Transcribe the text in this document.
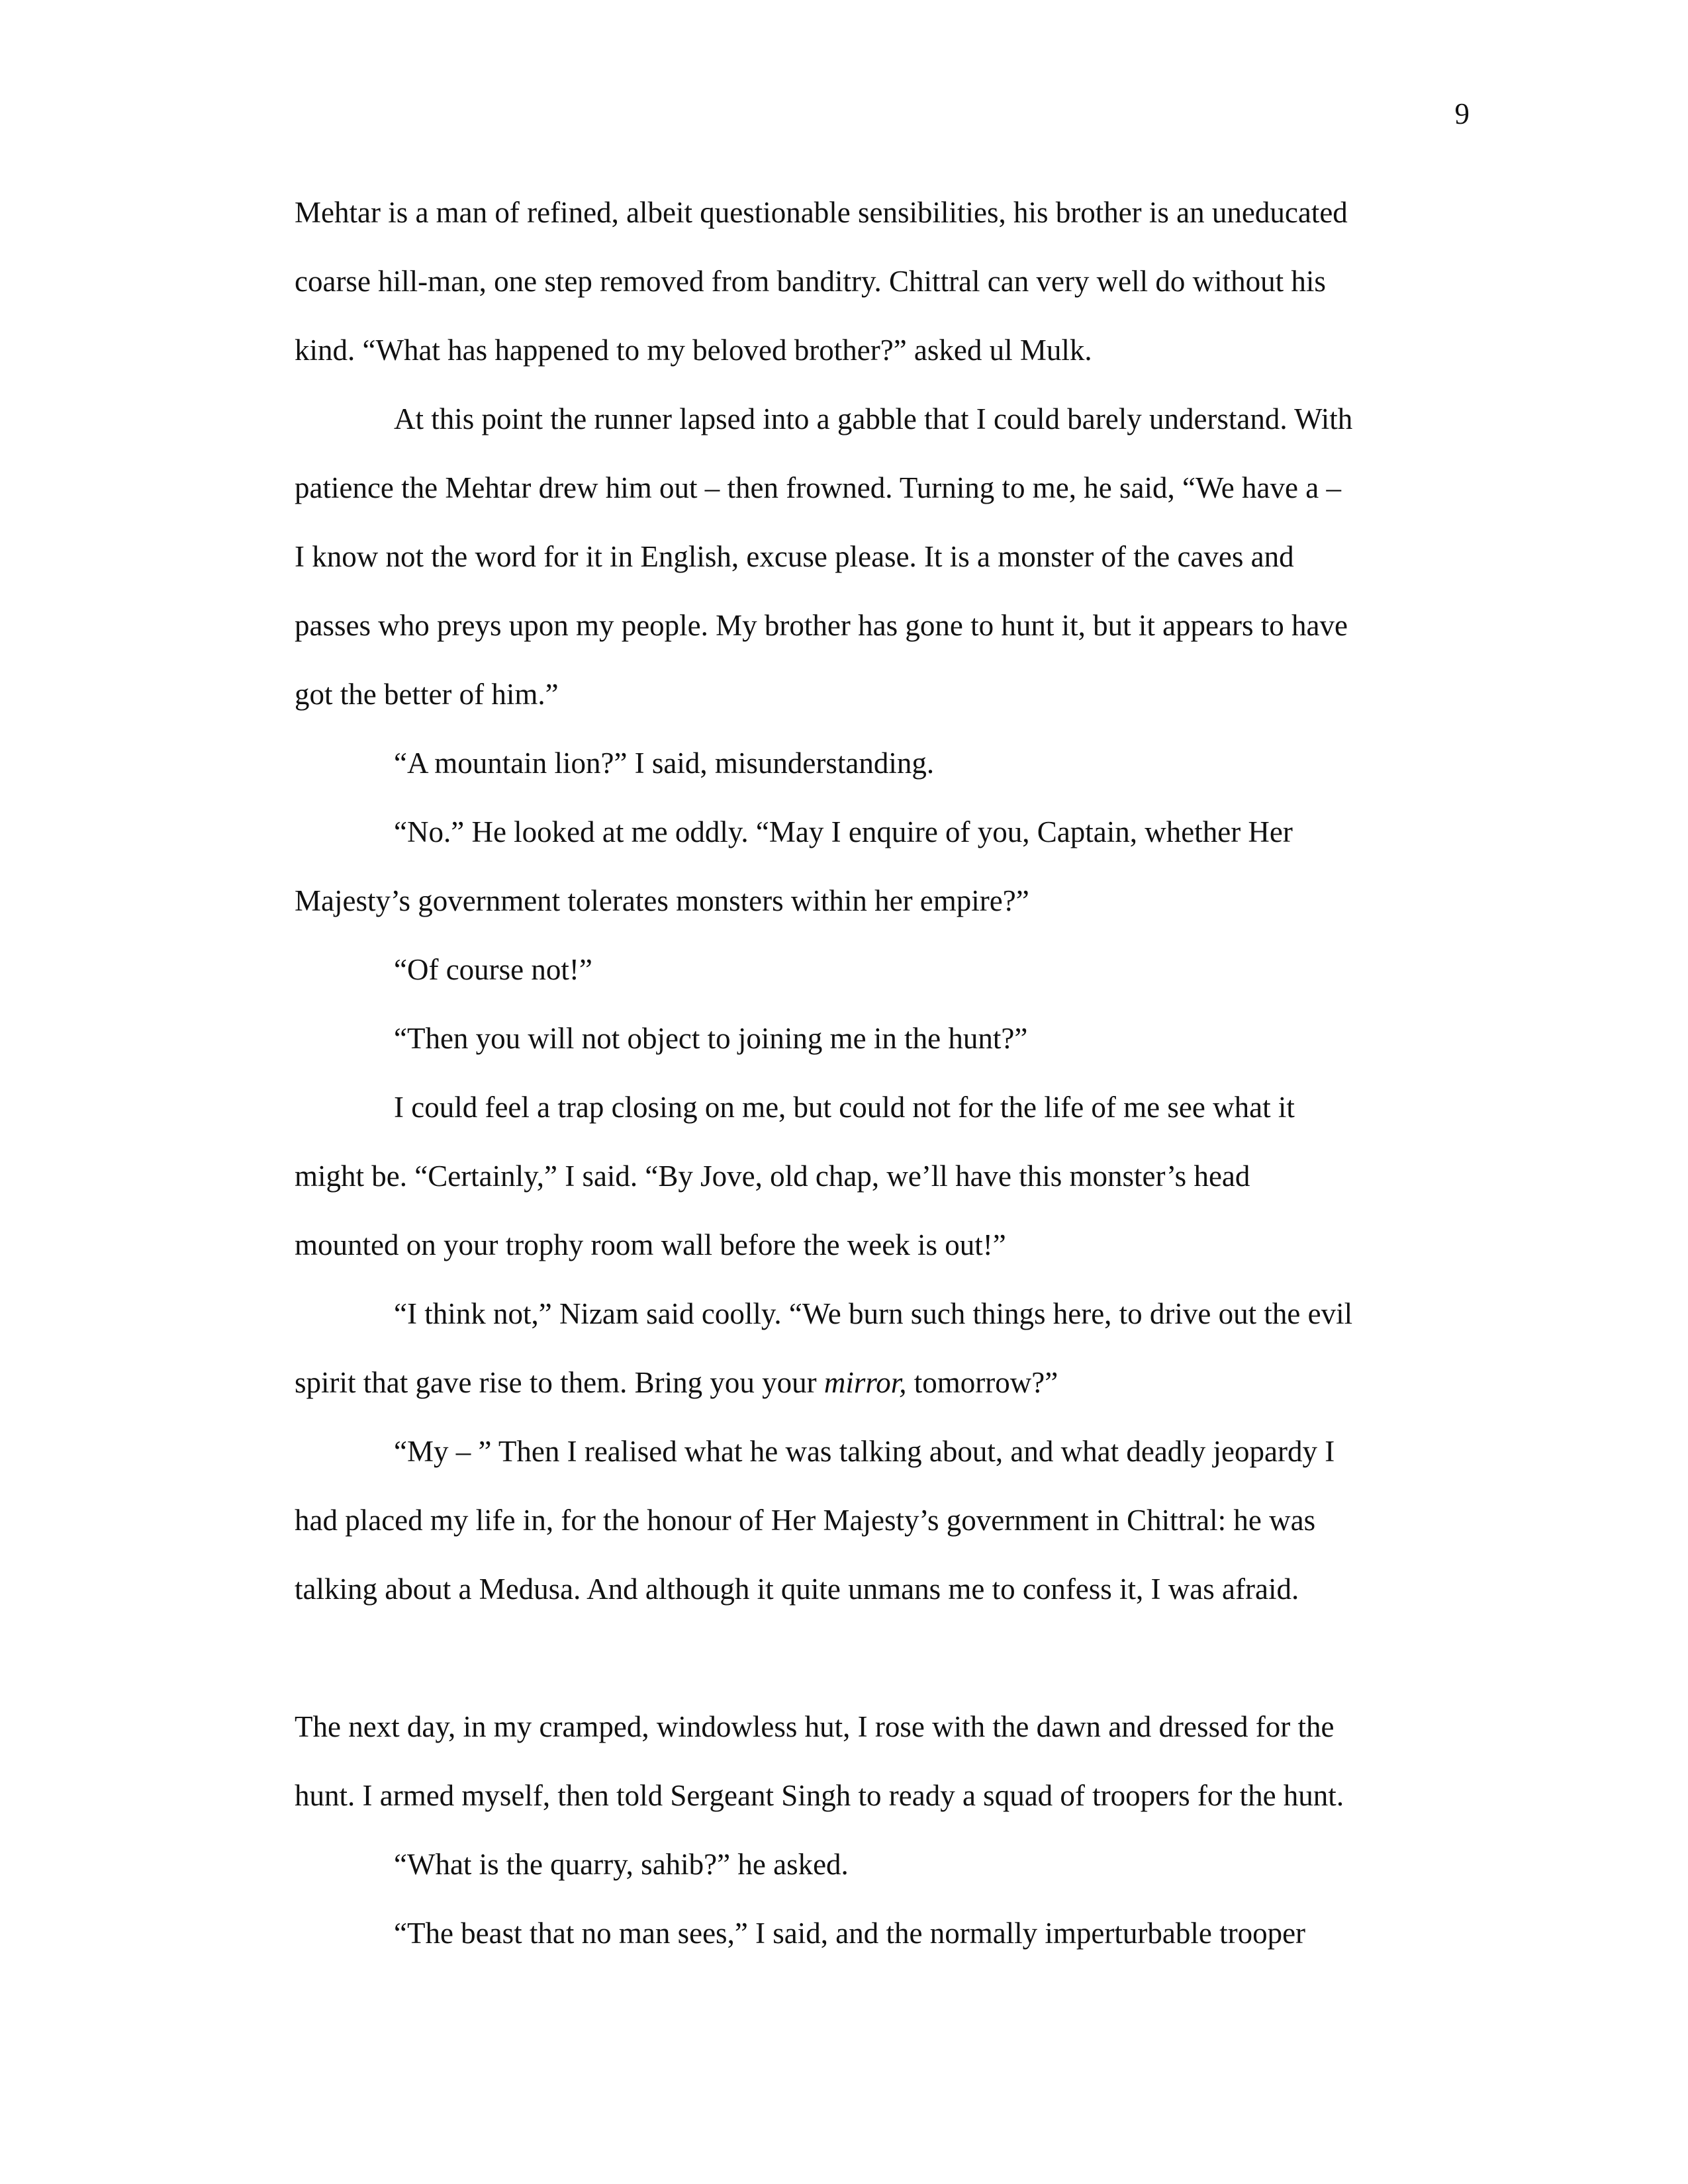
9
Mehtar is a man of refined, albeit questionable sensibilities, his brother is an uneducated
coarse hill-man, one step removed from banditry. Chittral can very well do without his
kind. “What has happened to my beloved brother?” asked ul Mulk.
At this point the runner lapsed into a gabble that I could barely understand. With
patience the Mehtar drew him out – then frowned. Turning to me, he said, “We have a –
I know not the word for it in English, excuse please. It is a monster of the caves and
passes who preys upon my people. My brother has gone to hunt it, but it appears to have
got the better of him.”
“A mountain lion?” I said, misunderstanding.
“No.” He looked at me oddly. “May I enquire of you, Captain, whether Her
Majesty’s government tolerates monsters within her empire?”
“Of course not!”
“Then you will not object to joining me in the hunt?”
I could feel a trap closing on me, but could not for the life of me see what it
might be. “Certainly,” I said. “By Jove, old chap, we’ll have this monster’s head
mounted on your trophy room wall before the week is out!”
“I think not,” Nizam said coolly. “We burn such things here, to drive out the evil
spirit that gave rise to them. Bring you your mirror, tomorrow?”
“My – ” Then I realised what he was talking about, and what deadly jeopardy I
had placed my life in, for the honour of Her Majesty’s government in Chittral: he was
talking about a Medusa. And although it quite unmans me to confess it, I was afraid.
The next day, in my cramped, windowless hut, I rose with the dawn and dressed for the
hunt. I armed myself, then told Sergeant Singh to ready a squad of troopers for the hunt.
“What is the quarry, sahib?” he asked.
“The beast that no man sees,” I said, and the normally imperturbable trooper
